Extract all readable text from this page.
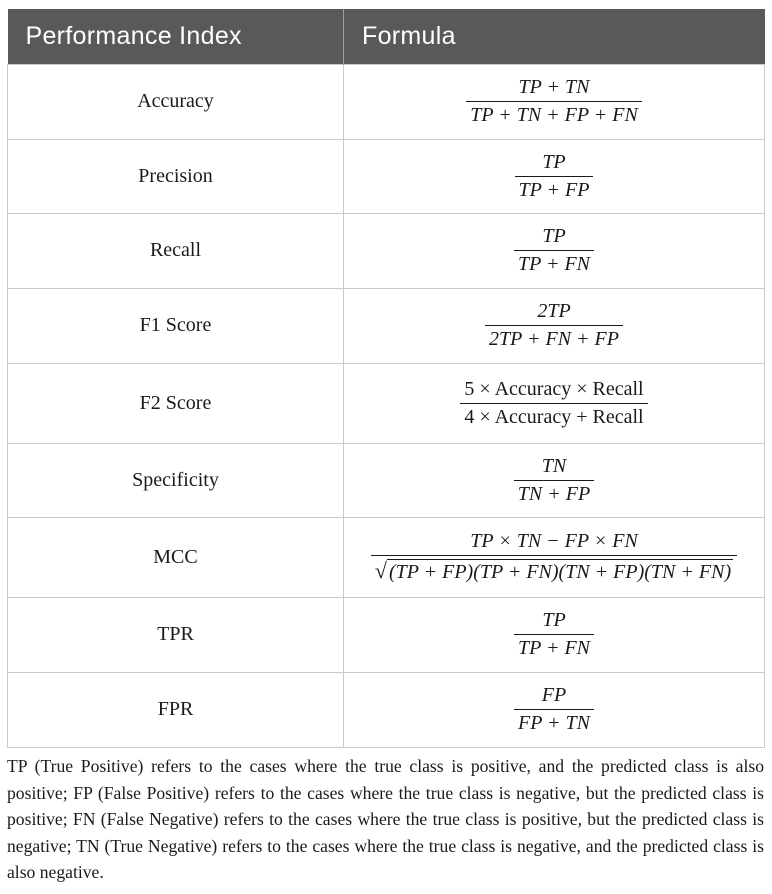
Performance Index	Formula
Accuracy	$\frac{TP + TN}{TP + TN + FP + FN}$

Precision	$\frac{TP}{TP + FP}$

Recall	$\frac{TP}{TP + FN}$

F1 Score	$\frac{2TP}{2TP + FN + FP}$

F2 Score	$\frac{\text{5 × Accuracy × Recall}}{\text{4 × Accuracy + Recall}}$

Specificity	$\frac{TN}{TN + FP}$

MCC	$\frac{TP \times TN - FP \times FN}{√ (TP + FP)(TP + FN)(TN + FP)(TN + FN)}$

TPR	$\frac{TP}{TP + FN}$

FPR	$\frac{FP}{FP + TN}$

TP (True Positive) refers to the cases where the true class is positive, and the predicted class is also positive; FP (False Positive) refers to the cases where the true class is negative, but the predicted class is positive; FN (False Negative) refers to the cases where the true class is positive, but the predicted class is negative; TN (True Negative) refers to the cases where the true class is negative, and the predicted class is also negative.
